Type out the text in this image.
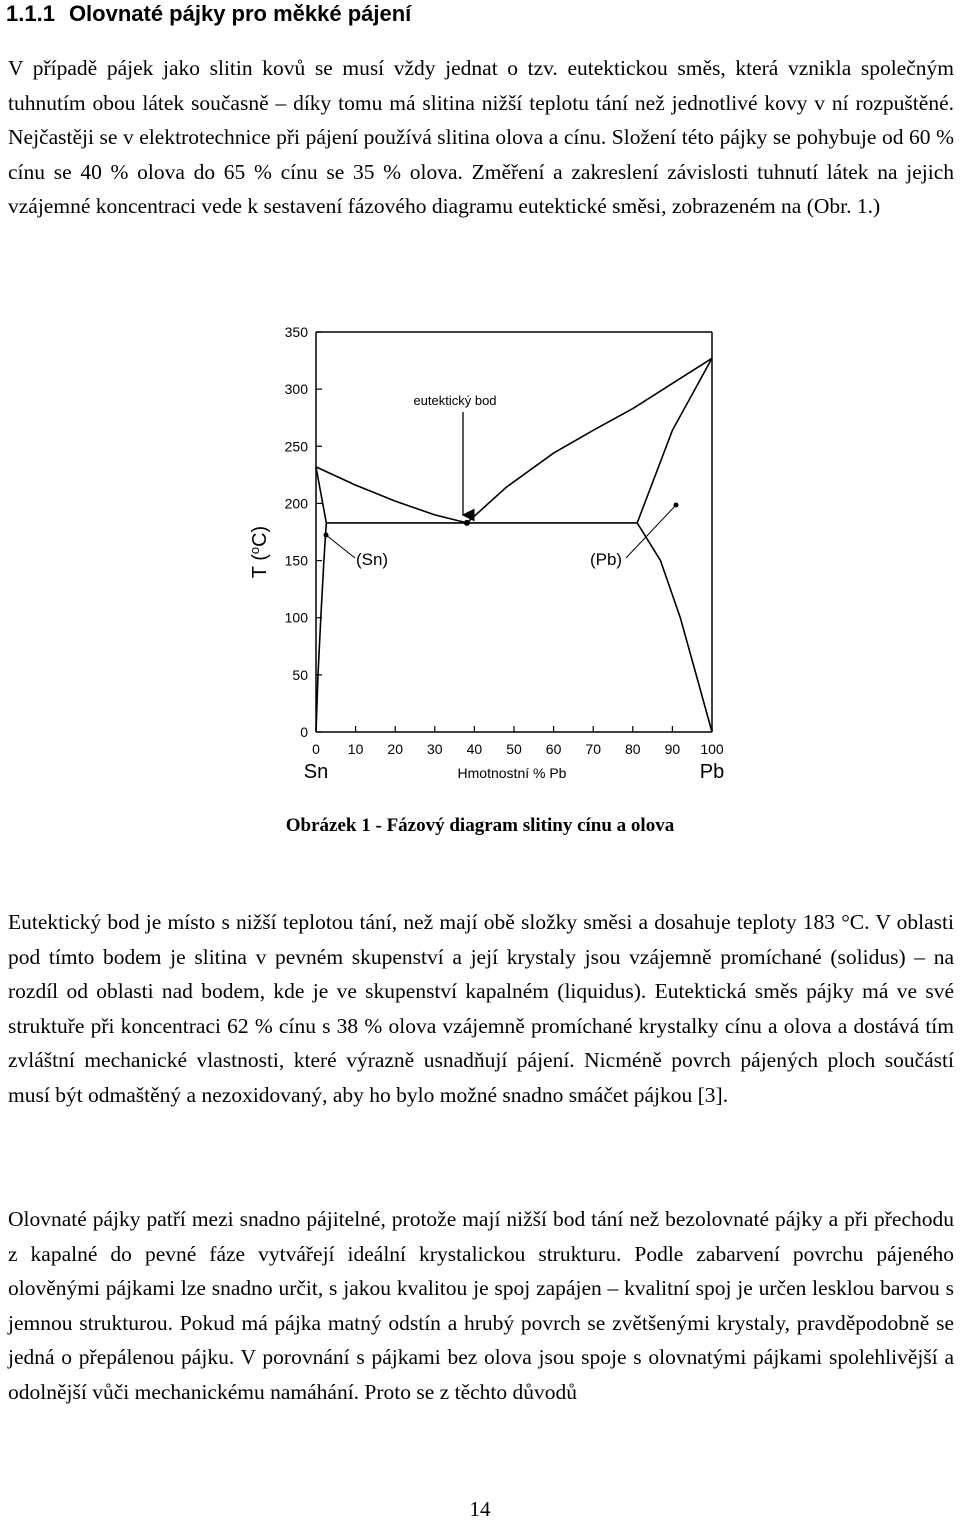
1.1.1 Olovnaté pájky pro měkké pájení

V případě pájek jako slitin kovů se musí vždy jednat o tzv. eutektickou směs, která vznikla společným tuhnutím obou látek současně – díky tomu má slitina nižší teplotu tání než jednotlivé kovy v ní rozpuštěné. Nejčastěji se v elektrotechnice při pájení používá slitina olova a cínu. Složení této pájky se pohybuje od 60 % cínu se 40 % olova do 65 % cínu se 35 % olova. Změření a zakreslení závislosti tuhnutí látek na jejich vzájemné koncentraci vede k sestavení fázového diagramu eutektické směsi, zobrazeném na (Obr. 1.)

350
300
250
200
150
100
50
0
0 10 20 30 40 50 60 70 80 90 100
T ($^o$C)
Hmotnostní % Pb
Sn	Pb
eutektický bod
(Sn)	(Pb)

Obrázek 1 - Fázový diagram slitiny cínu a olova

Eutektický bod je místo s nižší teplotou tání, než mají obě složky směsi a dosahuje teploty 183 °C. V oblasti pod tímto bodem je slitina v pevném skupenství a její krystaly jsou vzájemně promíchané (solidus) – na rozdíl od oblasti nad bodem, kde je ve skupenství kapalném (liquidus). Eutektická směs pájky má ve své struktuře při koncentraci 62 % cínu s 38 % olova vzájemně promíchané krystalky cínu a olova a dostává tím zvláštní mechanické vlastnosti, které výrazně usnadňují pájení. Nicméně povrch pájených ploch součástí musí být odmaštěný a nezoxidovaný, aby ho bylo možné snadno smáčet pájkou [3].

Olovnaté pájky patří mezi snadno pájitelné, protože mají nižší bod tání než bezolovnaté pájky a při přechodu z kapalné do pevné fáze vytvářejí ideální krystalickou strukturu. Podle zabarvení povrchu pájeného olověnými pájkami lze snadno určit, s jakou kvalitou je spoj zapájen – kvalitní spoj je určen lesklou barvou s jemnou strukturou. Pokud má pájka matný odstín a hrubý povrch se zvětšenými krystaly, pravděpodobně se jedná o přepálenou pájku. V porovnání s pájkami bez olova jsou spoje s olovnatými pájkami spolehlivější a odolnější vůči mechanickému namáhání. Proto se z těchto důvodů

14
